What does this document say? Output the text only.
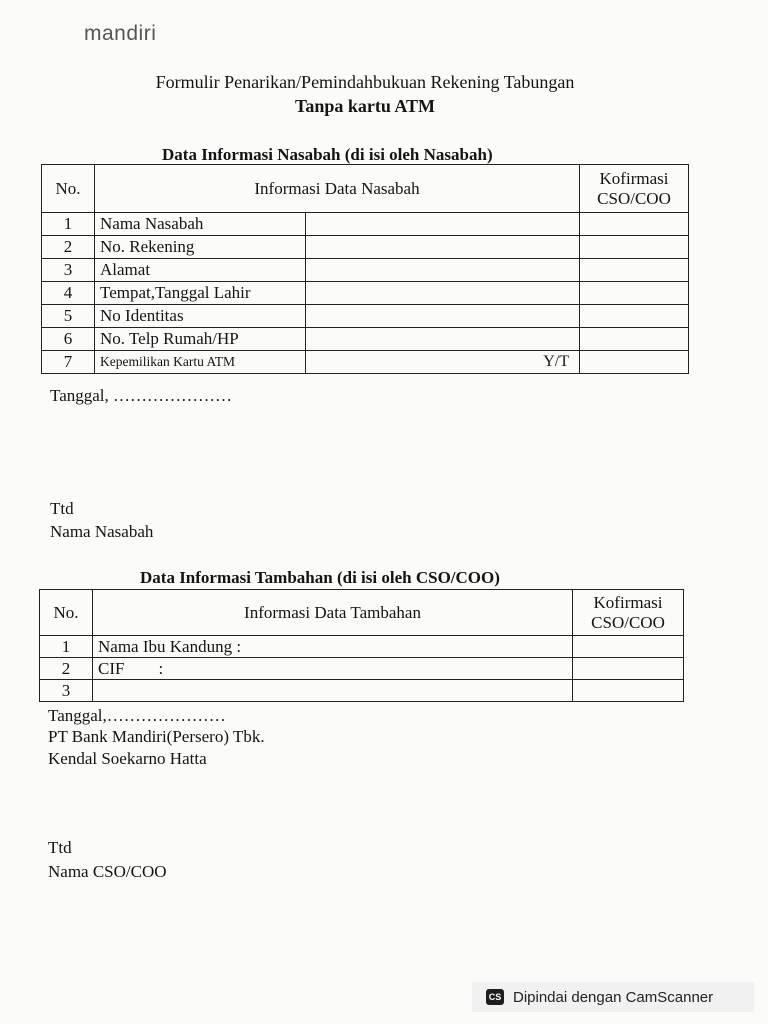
mandiri
Formulir Penarikan/Pemindahbukuan Rekening Tabungan
Tanpa kartu ATM
Data Informasi Nasabah (di isi oleh Nasabah)
No.	Informasi Data Nasabah		Kofirmasi CSO/COO
1	Nama Nasabah		
2	No. Rekening		
3	Alamat		
4	Tempat,Tanggal Lahir		
5	No Identitas		
6	No. Telp Rumah/HP		
7	Kepemilikan Kartu ATM	Y/T	

Tanggal, …………………
Ttd
Nama Nasabah
Data Informasi Tambahan (di isi oleh CSO/COO)
No.	Informasi Data Tambahan	Kofirmasi CSO/COO
1	Nama Ibu Kandung :	
2	CIF        :	
3		
Tanggal,…………………
PT Bank Mandiri(Persero) Tbk.
Kendal Soekarno Hatta
Ttd
Nama CSO/COO
CS Dipindai dengan CamScanner
